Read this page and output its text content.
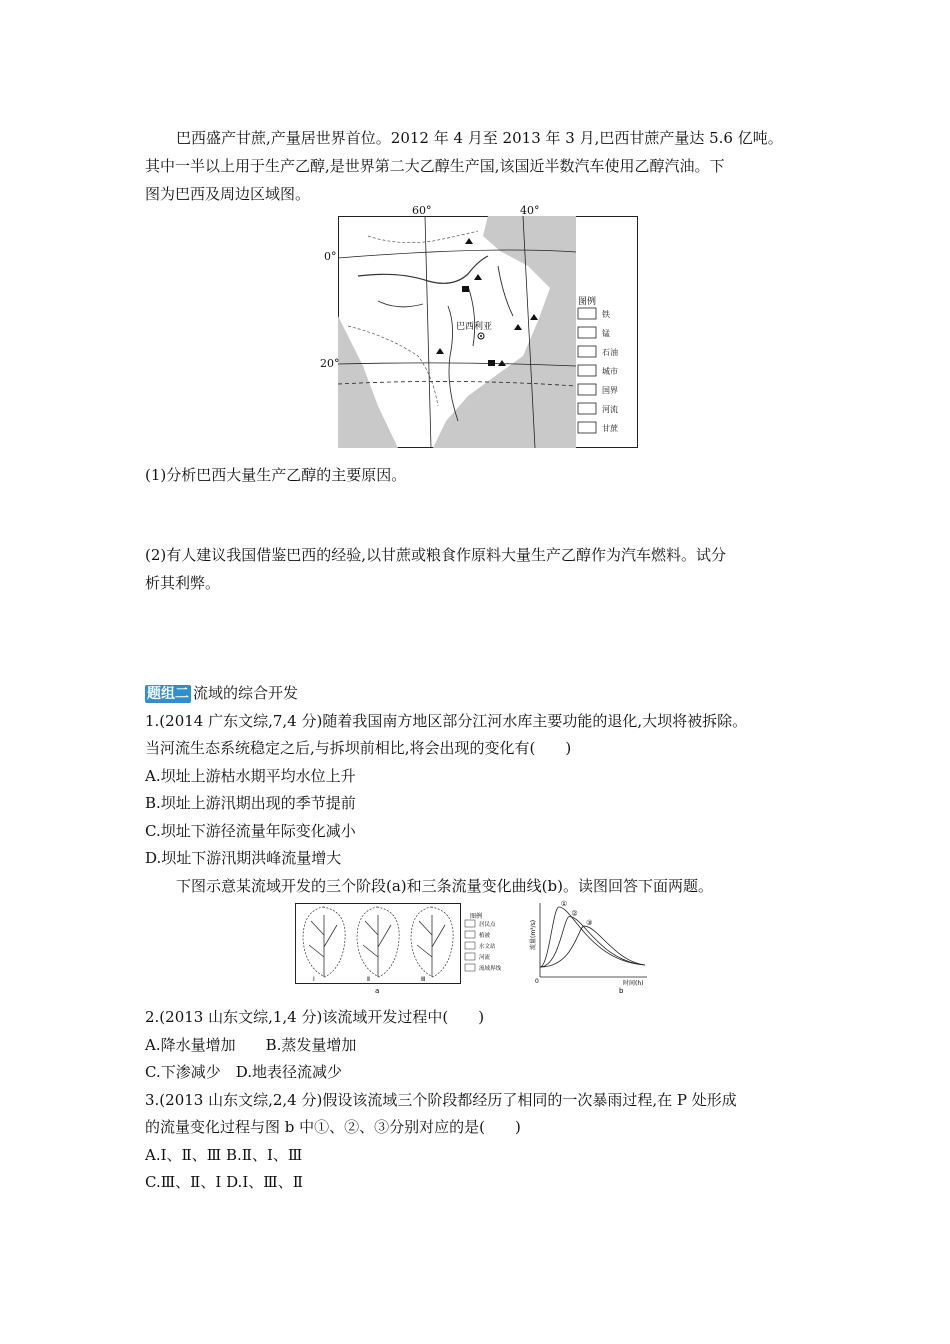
巴西盛产甘蔗,产量居世界首位。2012 年 4 月至 2013 年 3 月,巴西甘蔗产量达 5.6 亿吨。
其中一半以上用于生产乙醇,是世界第二大乙醇生产国,该国近半数汽车使用乙醇汽油。下
图为巴西及周边区域图。
巴西利亚
图例
铁
锰
石油
城市
国界
河流
甘蔗
60°	40°
0°
20°
(1)分析巴西大量生产乙醇的主要原因。
(2)有人建议我国借鉴巴西的经验,以甘蔗或粮食作原料大量生产乙醇作为汽车燃料。试分
析其利弊。
题组二 流域的综合开发
1.(2014 广东文综,7,4 分)随着我国南方地区部分江河水库主要功能的退化,大坝将被拆除。
当河流生态系统稳定之后,与拆坝前相比,将会出现的变化有(　　)
A.坝址上游枯水期平均水位上升
B.坝址上游汛期出现的季节提前
C.坝址下游径流量年际变化减小
D.坝址下游汛期洪峰流量增大
下图示意某流域开发的三个阶段(a)和三条流量变化曲线(b)。读图回答下面两题。
Ⅰ	Ⅱ	Ⅲ
a	b
图例
居民点
植被
水文站
河流
流域界线
0	时间(h)
流量(m³/s)
①
②
③
2.(2013 山东文综,1,4 分)该流域开发过程中(　　)
A.降水量增加　　B.蒸发量增加
C.下渗减少　D.地表径流减少
3.(2013 山东文综,2,4 分)假设该流域三个阶段都经历了相同的一次暴雨过程,在 P 处形成
的流量变化过程与图 b 中①、②、③分别对应的是(　　)
A.Ⅰ、Ⅱ、Ⅲ B.Ⅱ、Ⅰ、Ⅲ
C.Ⅲ、Ⅱ、Ⅰ D.Ⅰ、Ⅲ、Ⅱ
